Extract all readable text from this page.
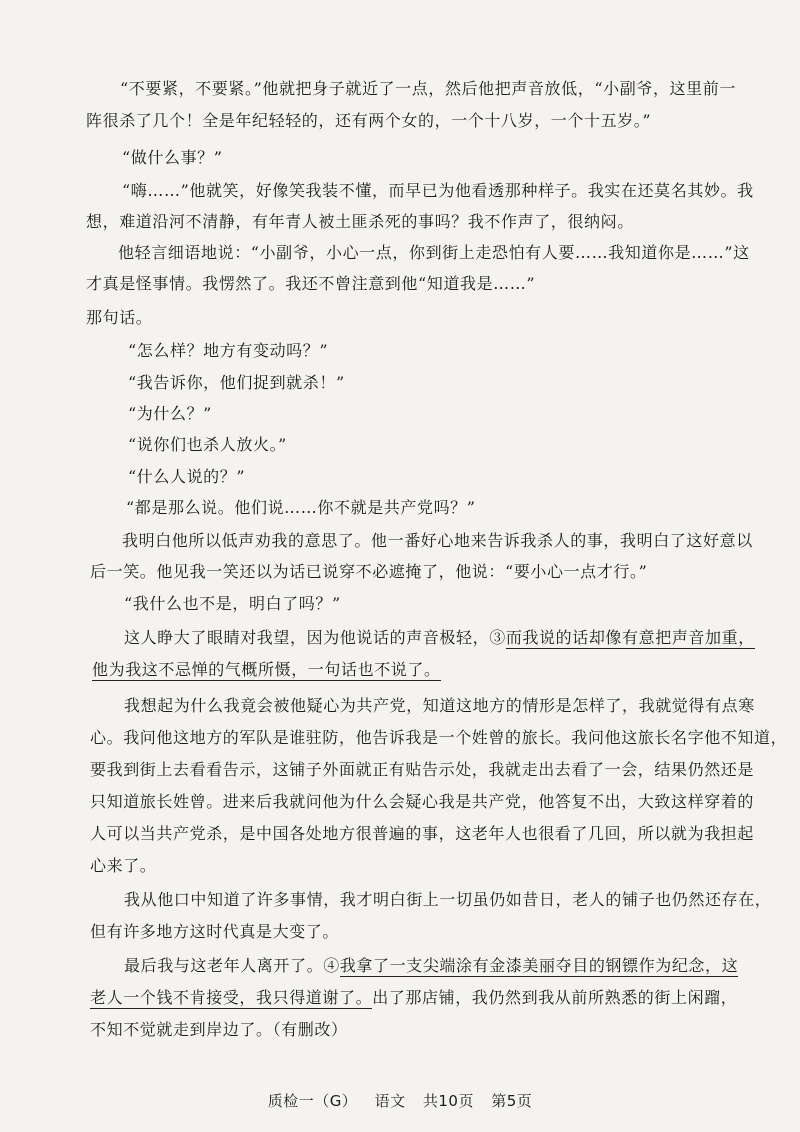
“不要紧，不要紧。”他就把身子就近了一点，然后他把声音放低，“小副爷，这里前一
阵很杀了几个！全是年纪轻轻的，还有两个女的，一个十八岁，一个十五岁。”
“做什么事？”
“嗨……”他就笑，好像笑我装不懂，而早已为他看透那种样子。我实在还莫名其妙。我
想，难道沿河不清静，有年青人被土匪杀死的事吗？我不作声了，很纳闷。
他轻言细语地说：“小副爷，小心一点，你到街上走恐怕有人要……我知道你是……”这
才真是怪事情。我愣然了。我还不曾注意到他“知道我是……”
那句话。
“怎么样？地方有变动吗？”
“我告诉你，他们捉到就杀！”
“为什么？”
“说你们也杀人放火。”
“什么人说的？”
“都是那么说。他们说……你不就是共产党吗？”
我明白他所以低声劝我的意思了。他一番好心地来告诉我杀人的事，我明白了这好意以
后一笑。他见我一笑还以为话已说穿不必遮掩了，他说：“要小心一点才行。”
“我什么也不是，明白了吗？”
这人睁大了眼睛对我望，因为他说话的声音极轻，③而我说的话却像有意把声音加重，
他为我这不忌惮的气概所慑，一句话也不说了。
我想起为什么我竟会被他疑心为共产党，知道这地方的情形是怎样了，我就觉得有点寒
心。我问他这地方的军队是谁驻防，他告诉我是一个姓曾的旅长。我问他这旅长名字他不知道，
要我到街上去看看告示，这铺子外面就正有贴告示处，我就走出去看了一会，结果仍然还是
只知道旅长姓曾。进来后我就问他为什么会疑心我是共产党，他答复不出，大致这样穿着的
人可以当共产党杀，是中国各处地方很普遍的事，这老年人也很看了几回，所以就为我担起
心来了。
我从他口中知道了许多事情，我才明白街上一切虽仍如昔日，老人的铺子也仍然还存在，
但有许多地方这时代真是大变了。
最后我与这老年人离开了。④我拿了一支尖端涂有金漆美丽夺目的钢镖作为纪念，这
老人一个钱不肯接受，我只得道谢了。出了那店铺，我仍然到我从前所熟悉的街上闲蹓，
不知不觉就走到岸边了。（有删改）
质检一（G） 语文 共10页 第5页
